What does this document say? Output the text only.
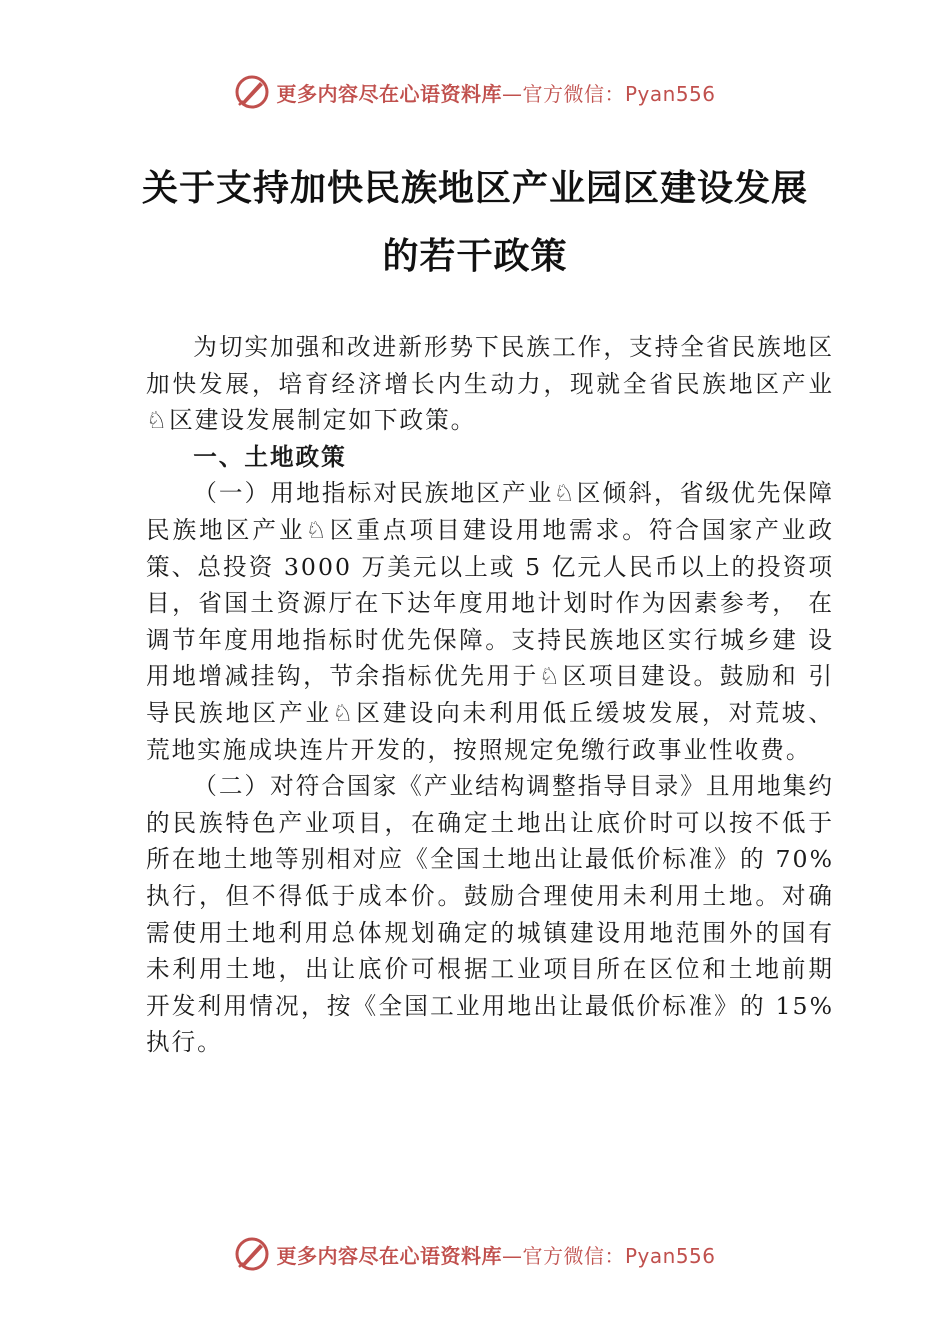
更多内容尽在心语资料库—官方微信：Pyan556
关于支持加快民族地区产业园区建设发展
的若干政策

为切实加强和改进新形势下民族工作，支持全省民族地区加快发展，培育经济增长内生动力，现就全省民族地区产业♘区建设发展制定如下政策。

一、土地政策

（一）用地指标对民族地区产业♘区倾斜，省级优先保障民族地区产业♘区重点项目建设用地需求。符合国家产业政策、总投资 3000 万美元以上或 5 亿元人民币以上的投资项目，省国土资源厅在下达年度用地计划时作为因素参考， 在调节年度用地指标时优先保障。支持民族地区实行城乡建 设用地增减挂钩，节余指标优先用于♘区项目建设。鼓励和 引导民族地区产业♘区建设向未利用低丘缓坡发展，对荒坡、荒地实施成块连片开发的，按照规定免缴行政事业性收费。

（二）对符合国家《产业结构调整指导目录》且用地集约的民族特色产业项目，在确定土地出让底价时可以按不低于所在地土地等别相对应《全国土地出让最低价标准》的 70% 执行，但不得低于成本价。鼓励合理使用未利用土地。对确需使用土地利用总体规划确定的城镇建设用地范围外的国有未利用土地，出让底价可根据工业项目所在区位和土地前期开发利用情况，按《全国工业用地出让最低价标准》的 15% 执行。

更多内容尽在心语资料库—官方微信：Pyan556
